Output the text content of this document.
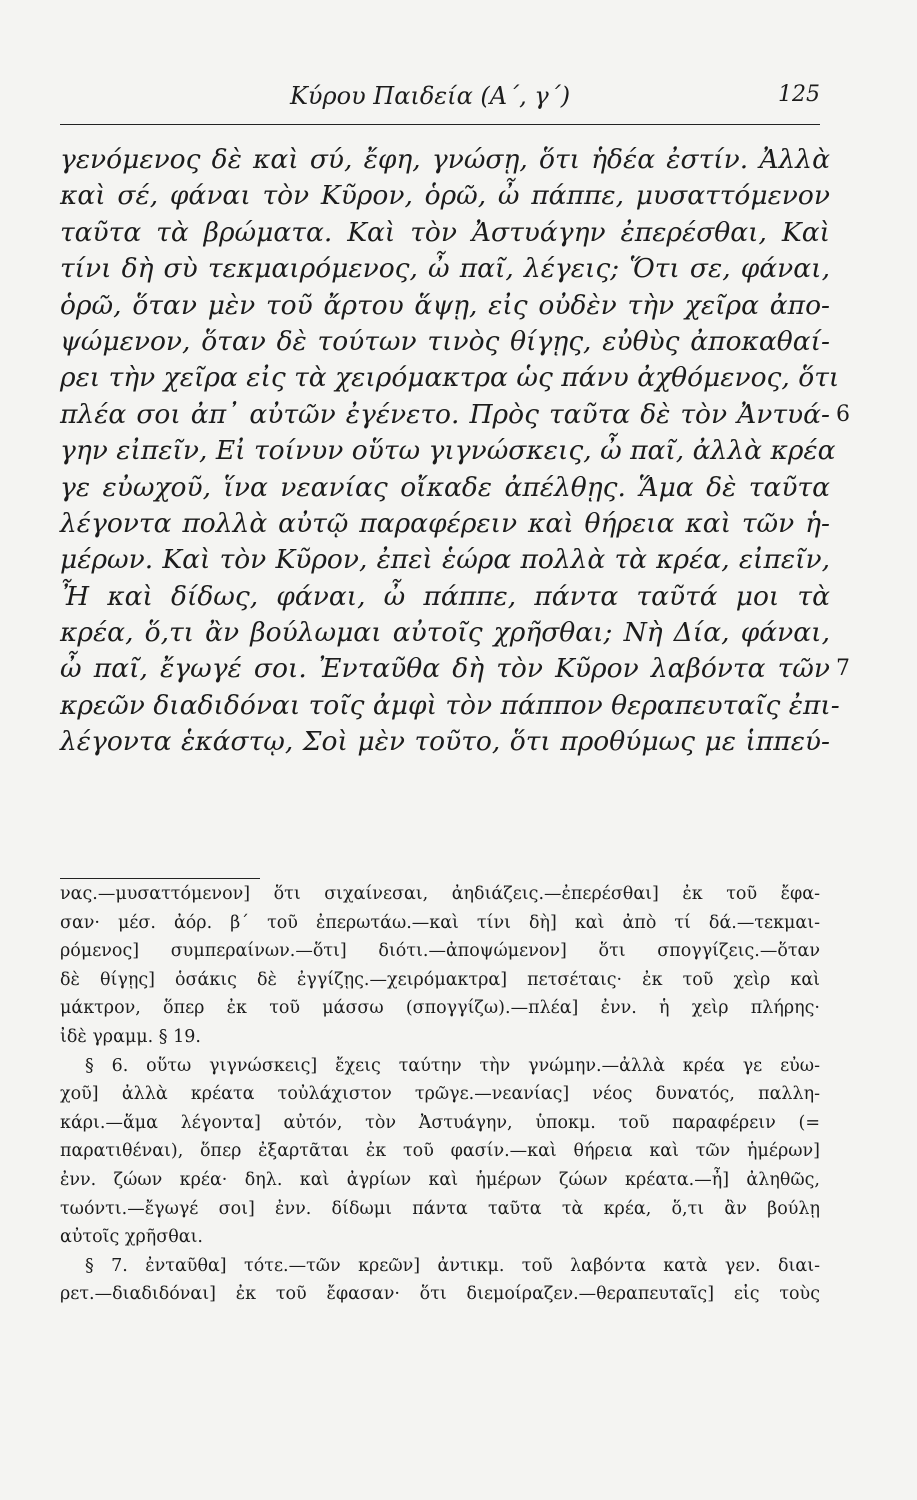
Κύρου Παιδεία (Α΄, γ΄)	125
γενόμενος δὲ καὶ σύ, ἔφη, γνώσῃ, ὅτι ἡδέα ἐστίν. Ἀλλὰ
καὶ σέ, φάναι τὸν Κῦρον, ὁρῶ, ὦ πάππε, μυσαττόμενον
ταῦτα τὰ βρώματα. Καὶ τὸν Ἀστυάγην ἐπερέσθαι, Καὶ
τίνι δὴ σὺ τεκμαιρόμενος, ὦ παῖ, λέγεις; Ὅτι σε, φάναι,
ὁρῶ, ὅταν μὲν τοῦ ἄρτου ἅψῃ, εἰς οὐδὲν τὴν χεῖρα ἀπο-
ψώμενον, ὅταν δὲ τούτων τινὸς θίγῃς, εὐθὺς ἀποκαθαί-
ρει τὴν χεῖρα εἰς τὰ χειρόμακτρα ὡς πάνυ ἀχθόμενος, ὅτι
πλέα σοι ἀπ᾿ αὐτῶν ἐγένετο. Πρὸς ταῦτα δὲ τὸν Ἀντυά- 6
γην εἰπεῖν, Εἰ τοίνυν οὕτω γιγνώσκεις, ὦ παῖ, ἀλλὰ κρέα
γε εὐωχοῦ, ἵνα νεανίας οἴκαδε ἀπέλθῃς. Ἅμα δὲ ταῦτα
λέγοντα πολλὰ αὐτῷ παραφέρειν καὶ θήρεια καὶ τῶν ἡ-
μέρων. Καὶ τὸν Κῦρον, ἐπεὶ ἑώρα πολλὰ τὰ κρέα, εἰπεῖν,
Ἦ καὶ δίδως, φάναι, ὦ πάππε, πάντα ταῦτά μοι τὰ
κρέα, ὅ,τι ἂν βούλωμαι αὐτοῖς χρῆσθαι; Νὴ Δία, φάναι,
ὦ παῖ, ἔγωγέ σοι. Ἐνταῦθα δὴ τὸν Κῦρον λαβόντα τῶν 7
κρεῶν διαδιδόναι τοῖς ἀμφὶ τὸν πάππον θεραπευταῖς ἐπι-
λέγοντα ἑκάστῳ, Σοὶ μὲν τοῦτο, ὅτι προθύμως με ἱππεύ-
νας.—μυσαττόμενον] ὅτι σιχαίνεσαι, ἀηδιάζεις.—ἐπερέσθαι] ἐκ τοῦ ἔφα-
σαν· μέσ. ἀόρ. β΄ τοῦ ἐπερωτάω.—καὶ τίνι δὴ] καὶ ἀπὸ τί δά.—τεκμαι-
ρόμενος] συμπεραίνων.—ὅτι] διότι.—ἀποψώμενον] ὅτι σπογγίζεις.—ὅταν
δὲ θίγῃς] ὁσάκις δὲ ἐγγίζῃς.—χειρόμακτρα] πετσέταις· ἐκ τοῦ χεὶρ καὶ
μάκτρον, ὅπερ ἐκ τοῦ μάσσω (σπογγίζω).—πλέα] ἐνν. ἡ χεὶρ πλήρης·
ἰδὲ γραμμ. § 19.
§ 6. οὕτω γιγνώσκεις] ἔχεις ταύτην τὴν γνώμην.—ἀλλὰ κρέα γε εὐω-
χοῦ] ἀλλὰ κρέατα τοὐλάχιστον τρῶγε.—νεανίας] νέος δυνατός, παλλη-
κάρι.—ἅμα λέγοντα] αὐτόν, τὸν Ἀστυάγην, ὑποκμ. τοῦ παραφέρειν (=
παρατιθέναι), ὅπερ ἐξαρτᾶται ἐκ τοῦ φασίν.—καὶ θήρεια καὶ τῶν ἡμέρων]
ἐνν. ζώων κρέα· δηλ. καὶ ἀγρίων καὶ ἡμέρων ζώων κρέατα.—ἦ] ἀληθῶς,
τωόντι.—ἔγωγέ σοι] ἐνν. δίδωμι πάντα ταῦτα τὰ κρέα, ὅ,τι ἂν βούλῃ
αὐτοῖς χρῆσθαι.
§ 7. ἐνταῦθα] τότε.—τῶν κρεῶν] ἀντικμ. τοῦ λαβόντα κατὰ γεν. διαι-
ρετ.—διαδιδόναι] ἐκ τοῦ ἔφασαν· ὅτι διεμοίραζεν.—θεραπευταῖς] εἰς τοὺς
